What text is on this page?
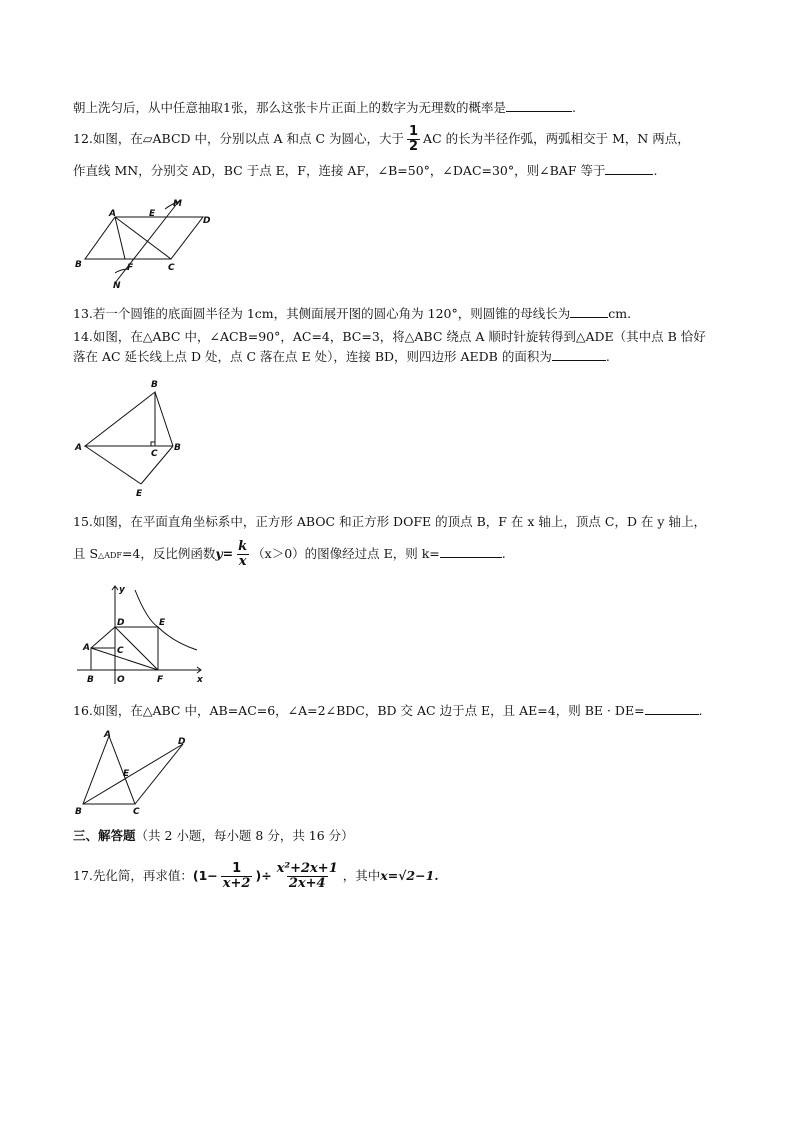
朝上洗匀后，从中任意抽取1张，那么这张卡片正面上的数字为无理数的概率是	.
12.如图，在▱ABCD 中，分别以点 A 和点 C 为圆心，大于 $\frac{1}{2}$ AC 的长为半径作弧，两弧相交于 M，N 两点，
作直线 MN，分别交 AD，BC 于点 E，F，连接 AF，∠B=50°，∠DAC=30°，则∠BAF 等于	.
A	E
M
D
B	F	C
N
13.若一个圆锥的底面圆半径为 1cm，其侧面展开图的圆心角为 120°，则圆锥的母线长为	cm.
14.如图，在△ABC 中，∠ACB=90°，AC=4，BC=3，将△ABC 绕点 A 顺时针旋转得到△ADE（其中点 B 恰好
落在 AC 延长线上点 D 处，点 C 落在点 E 处），连接 BD，则四边形 AEDB 的面积为	.
B
A
C
B
E
15.如图，在平面直角坐标系中，正方形 ABOC 和正方形 DOFE 的顶点 B，F 在 x 轴上，顶点 C，D 在 y 轴上，
且 S△ADF=4，反比例函数$y= \frac{k}{x} (x>0)$的图像经过点 E，则 k=	.
y
x
D	E
A	C
B	O	F
16.如图，在△ABC 中，AB=AC=6，∠A=2∠BDC，BD 交 AC 边于点 E，且 AE=4，则 BE · DE=	.
A
D
E
B	C
三、解答题（共 2 小题，每小题 8 分，共 16 分）
17.先化简，再求值：($1- \frac{1}{x+2}$ )÷ $\frac{\text{x²+2x+1}}{2x+4}$ ，其中x=√2−1.
